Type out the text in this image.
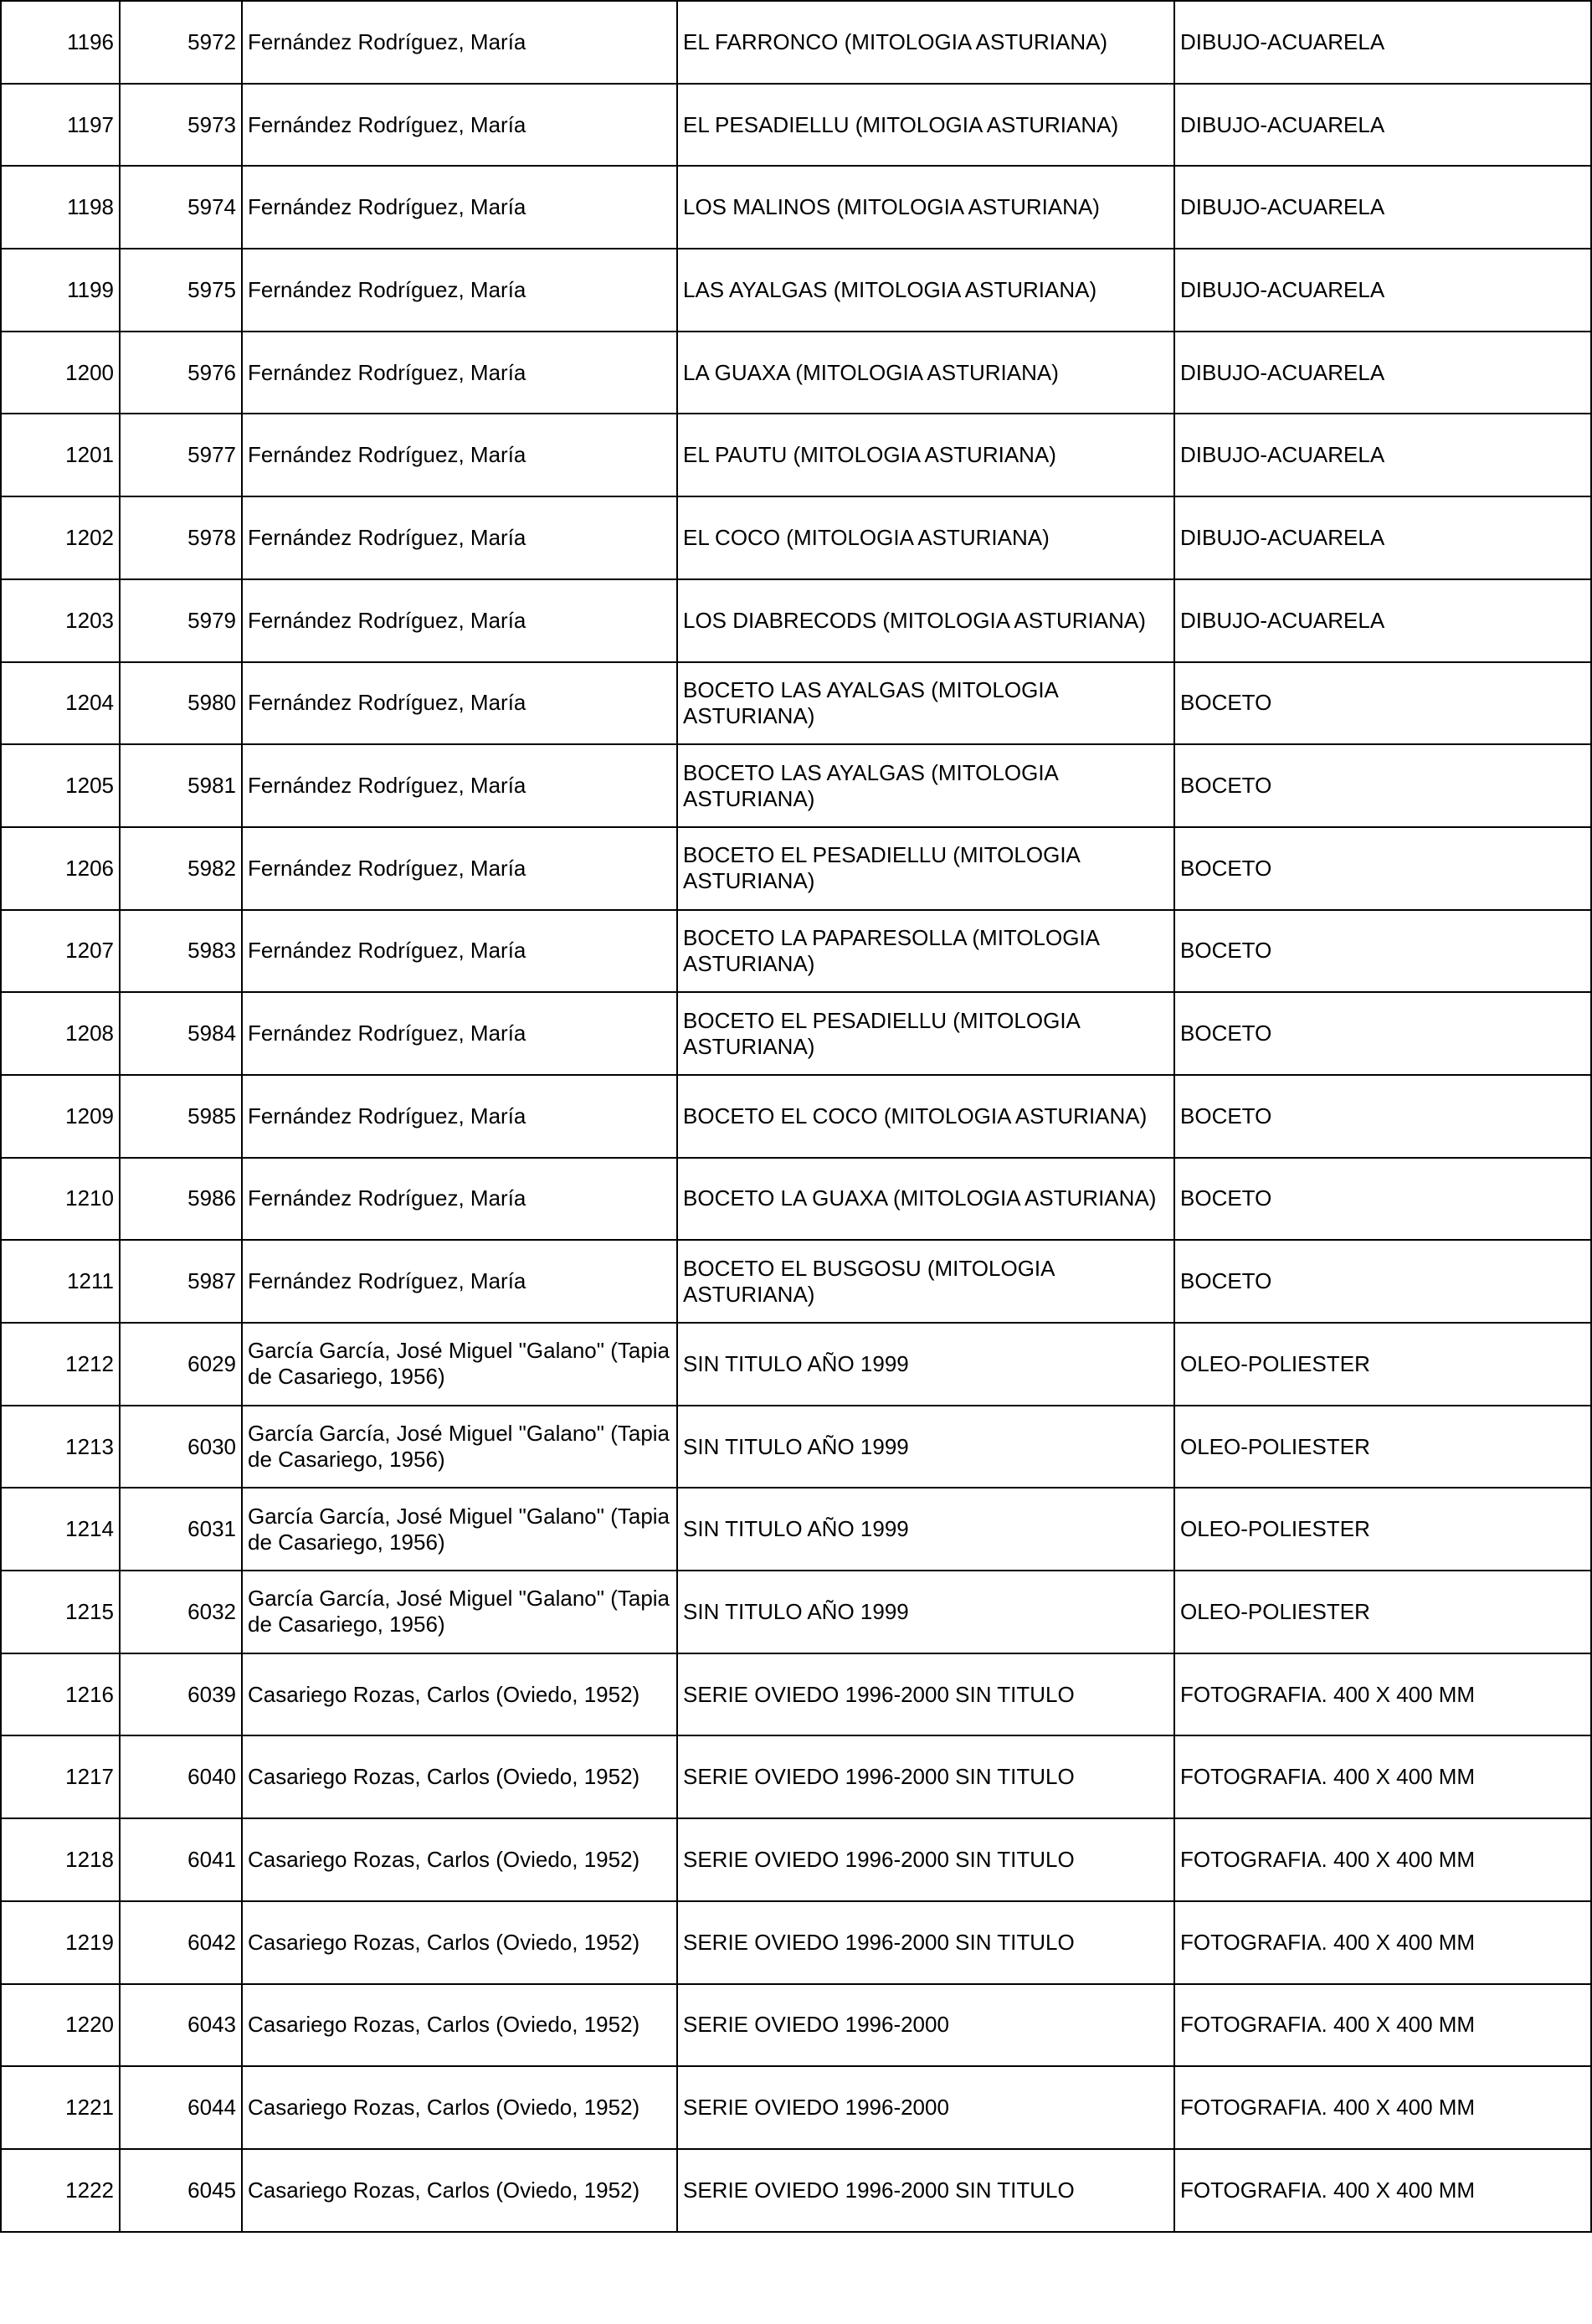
1196	5972	Fernández Rodríguez, María	EL FARRONCO (MITOLOGIA ASTURIANA)	DIBUJO-ACUARELA
1197	5973	Fernández Rodríguez, María	EL PESADIELLU (MITOLOGIA ASTURIANA)	DIBUJO-ACUARELA
1198	5974	Fernández Rodríguez, María	LOS MALINOS (MITOLOGIA ASTURIANA)	DIBUJO-ACUARELA
1199	5975	Fernández Rodríguez, María	LAS AYALGAS (MITOLOGIA ASTURIANA)	DIBUJO-ACUARELA
1200	5976	Fernández Rodríguez, María	LA GUAXA (MITOLOGIA ASTURIANA)	DIBUJO-ACUARELA
1201	5977	Fernández Rodríguez, María	EL PAUTU (MITOLOGIA ASTURIANA)	DIBUJO-ACUARELA
1202	5978	Fernández Rodríguez, María	EL COCO (MITOLOGIA ASTURIANA)	DIBUJO-ACUARELA
1203	5979	Fernández Rodríguez, María	LOS DIABRECODS (MITOLOGIA ASTURIANA)	DIBUJO-ACUARELA
1204	5980	Fernández Rodríguez, María	BOCETO LAS AYALGAS (MITOLOGIA ASTURIANA)	BOCETO
1205	5981	Fernández Rodríguez, María	BOCETO LAS AYALGAS (MITOLOGIA ASTURIANA)	BOCETO
1206	5982	Fernández Rodríguez, María	BOCETO EL PESADIELLU (MITOLOGIA ASTURIANA)	BOCETO
1207	5983	Fernández Rodríguez, María	BOCETO LA PAPARESOLLA (MITOLOGIA ASTURIANA)	BOCETO
1208	5984	Fernández Rodríguez, María	BOCETO EL PESADIELLU (MITOLOGIA ASTURIANA)	BOCETO
1209	5985	Fernández Rodríguez, María	BOCETO EL COCO (MITOLOGIA ASTURIANA)	BOCETO
1210	5986	Fernández Rodríguez, María	BOCETO LA GUAXA (MITOLOGIA ASTURIANA)	BOCETO
1211	5987	Fernández Rodríguez, María	BOCETO EL BUSGOSU (MITOLOGIA ASTURIANA)	BOCETO
1212	6029	García García, José Miguel "Galano" (Tapia de Casariego, 1956)	SIN TITULO AÑO 1999	OLEO-POLIESTER
1213	6030	García García, José Miguel "Galano" (Tapia de Casariego, 1956)	SIN TITULO AÑO 1999	OLEO-POLIESTER
1214	6031	García García, José Miguel "Galano" (Tapia de Casariego, 1956)	SIN TITULO AÑO 1999	OLEO-POLIESTER
1215	6032	García García, José Miguel "Galano" (Tapia de Casariego, 1956)	SIN TITULO AÑO 1999	OLEO-POLIESTER
1216	6039	Casariego Rozas, Carlos (Oviedo, 1952)	SERIE OVIEDO 1996-2000 SIN TITULO	FOTOGRAFIA. 400 X 400 MM
1217	6040	Casariego Rozas, Carlos (Oviedo, 1952)	SERIE OVIEDO 1996-2000 SIN TITULO	FOTOGRAFIA. 400 X 400 MM
1218	6041	Casariego Rozas, Carlos (Oviedo, 1952)	SERIE OVIEDO 1996-2000 SIN TITULO	FOTOGRAFIA. 400 X 400 MM
1219	6042	Casariego Rozas, Carlos (Oviedo, 1952)	SERIE OVIEDO 1996-2000 SIN TITULO	FOTOGRAFIA. 400 X 400 MM
1220	6043	Casariego Rozas, Carlos (Oviedo, 1952)	SERIE OVIEDO 1996-2000	FOTOGRAFIA. 400 X 400 MM
1221	6044	Casariego Rozas, Carlos (Oviedo, 1952)	SERIE OVIEDO 1996-2000	FOTOGRAFIA. 400 X 400 MM
1222	6045	Casariego Rozas, Carlos (Oviedo, 1952)	SERIE OVIEDO 1996-2000 SIN TITULO	FOTOGRAFIA. 400 X 400 MM
